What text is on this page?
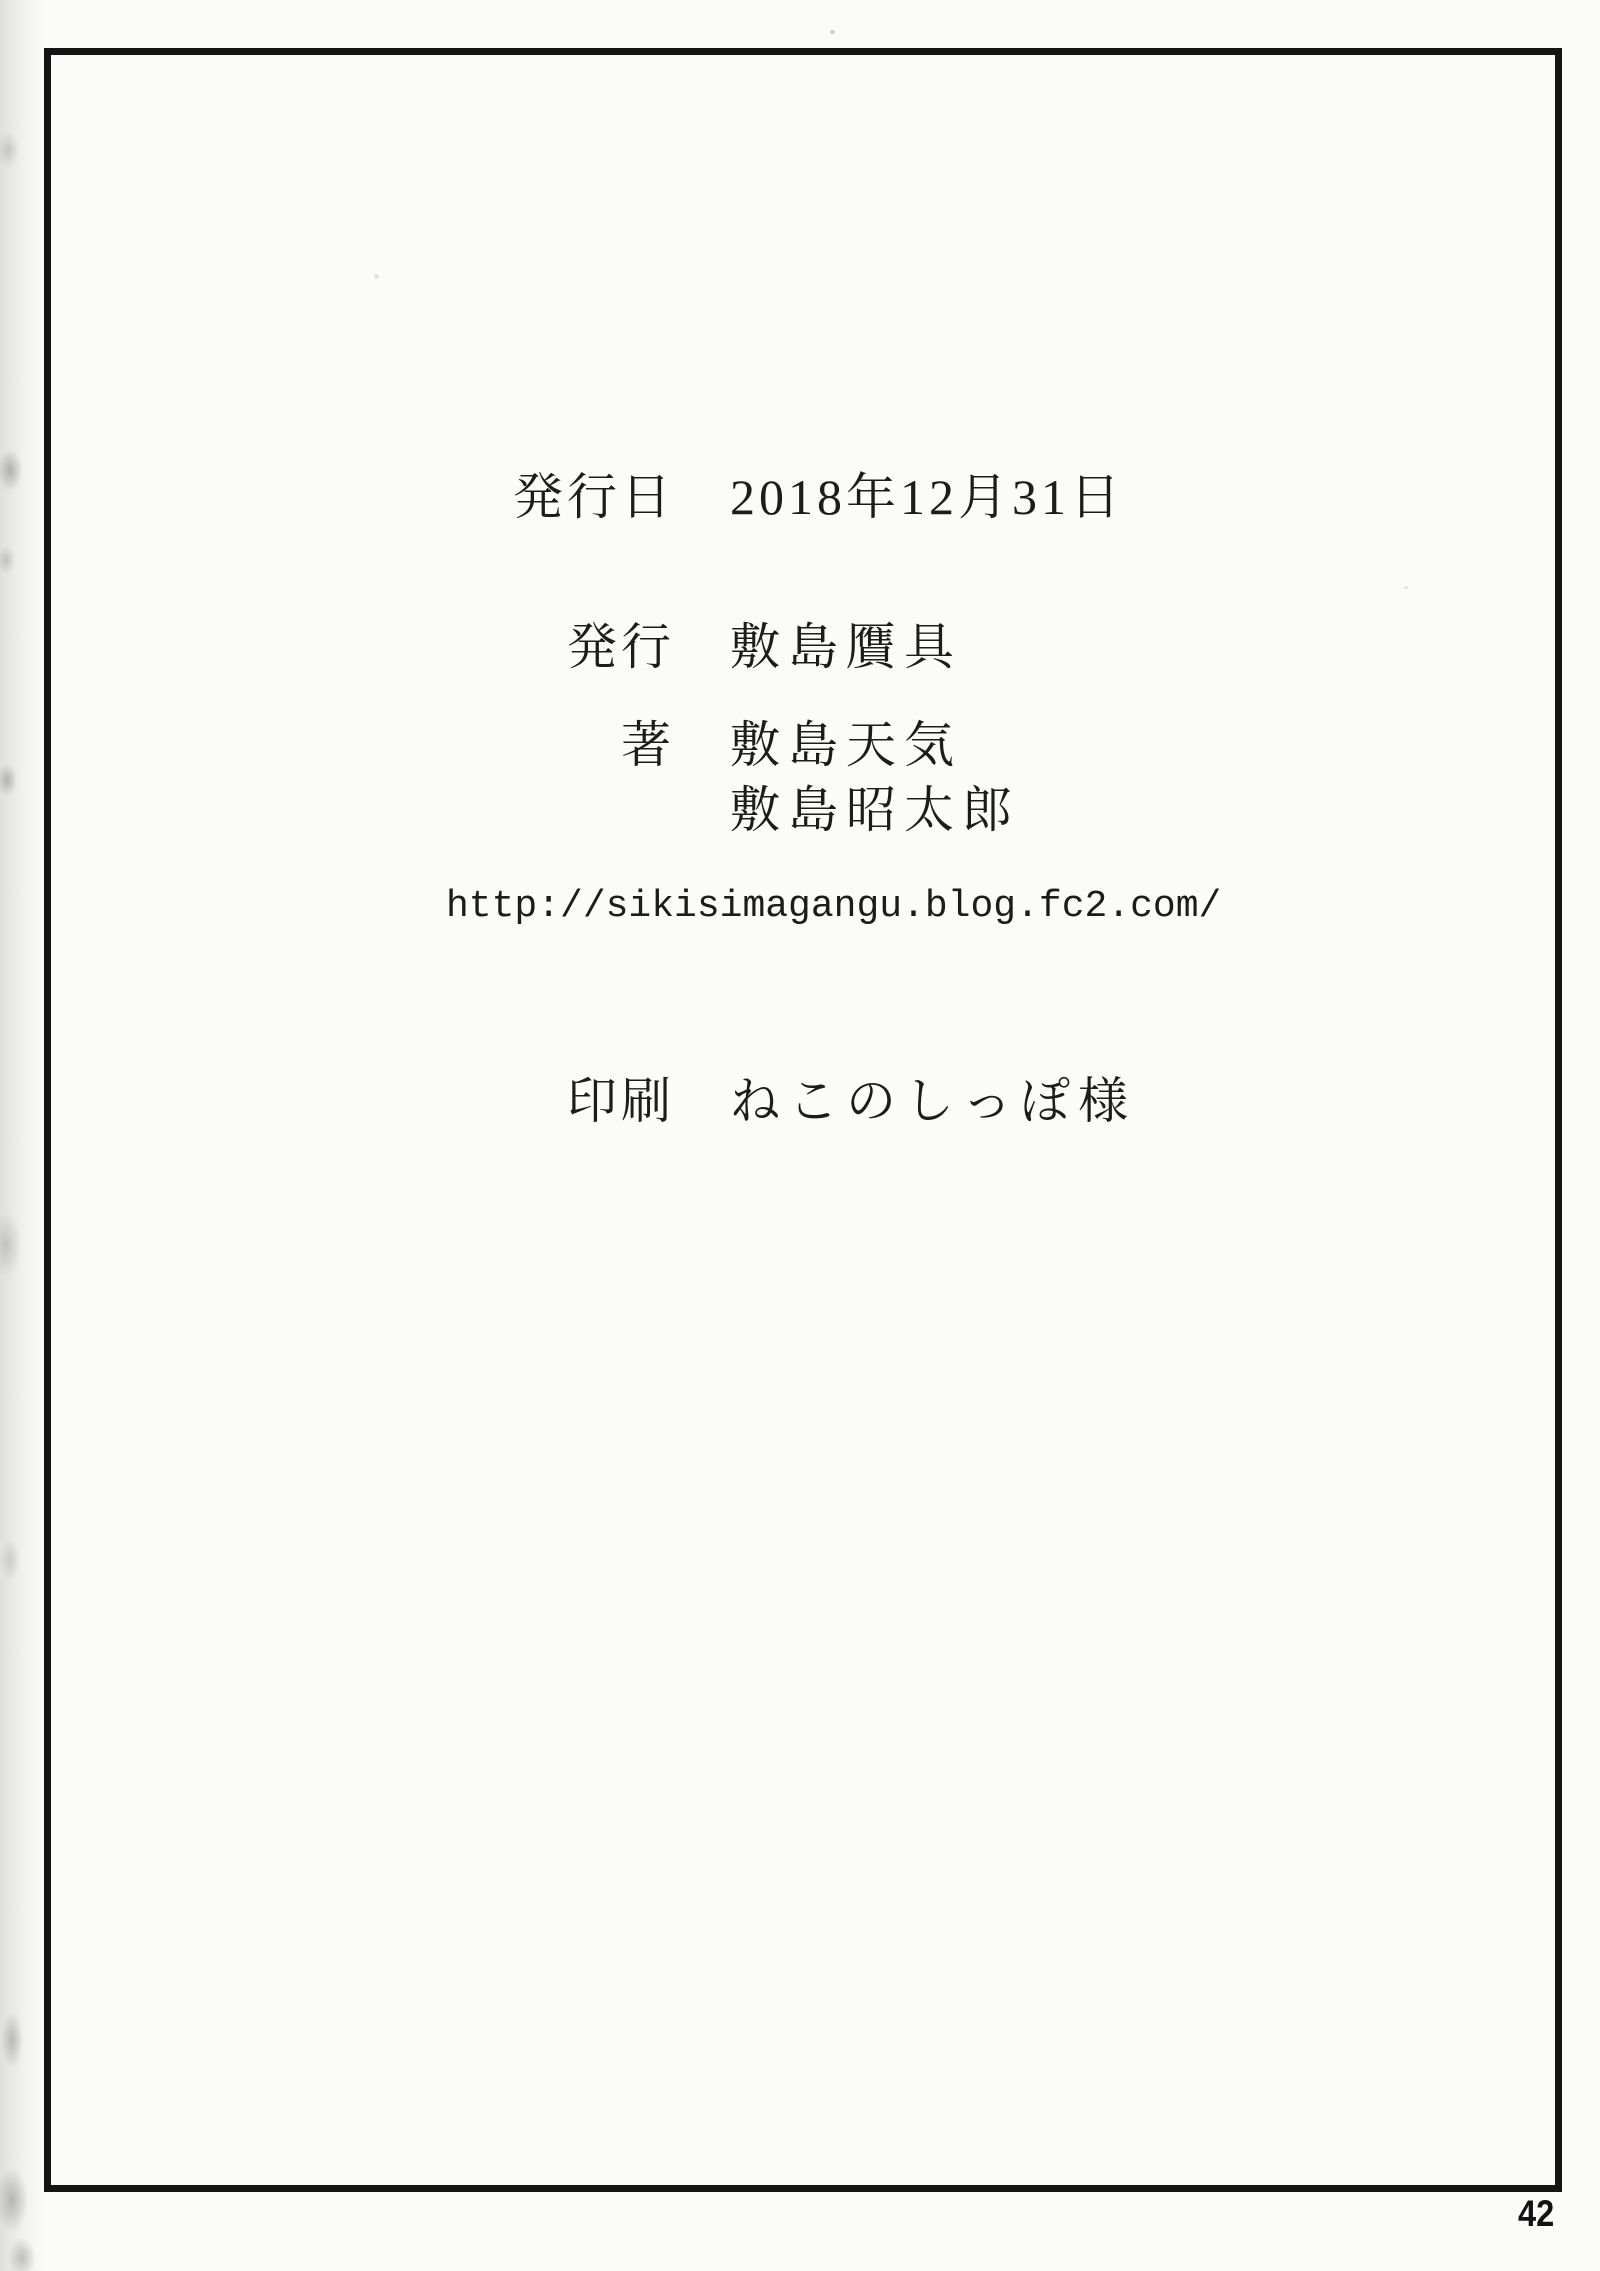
発行日 2018年12月31日
発行 敷島贋具
著 敷島天気
敷島昭太郎
http://sikisimagangu.blog.fc2.com/
印刷 ねこのしっぽ様
42
